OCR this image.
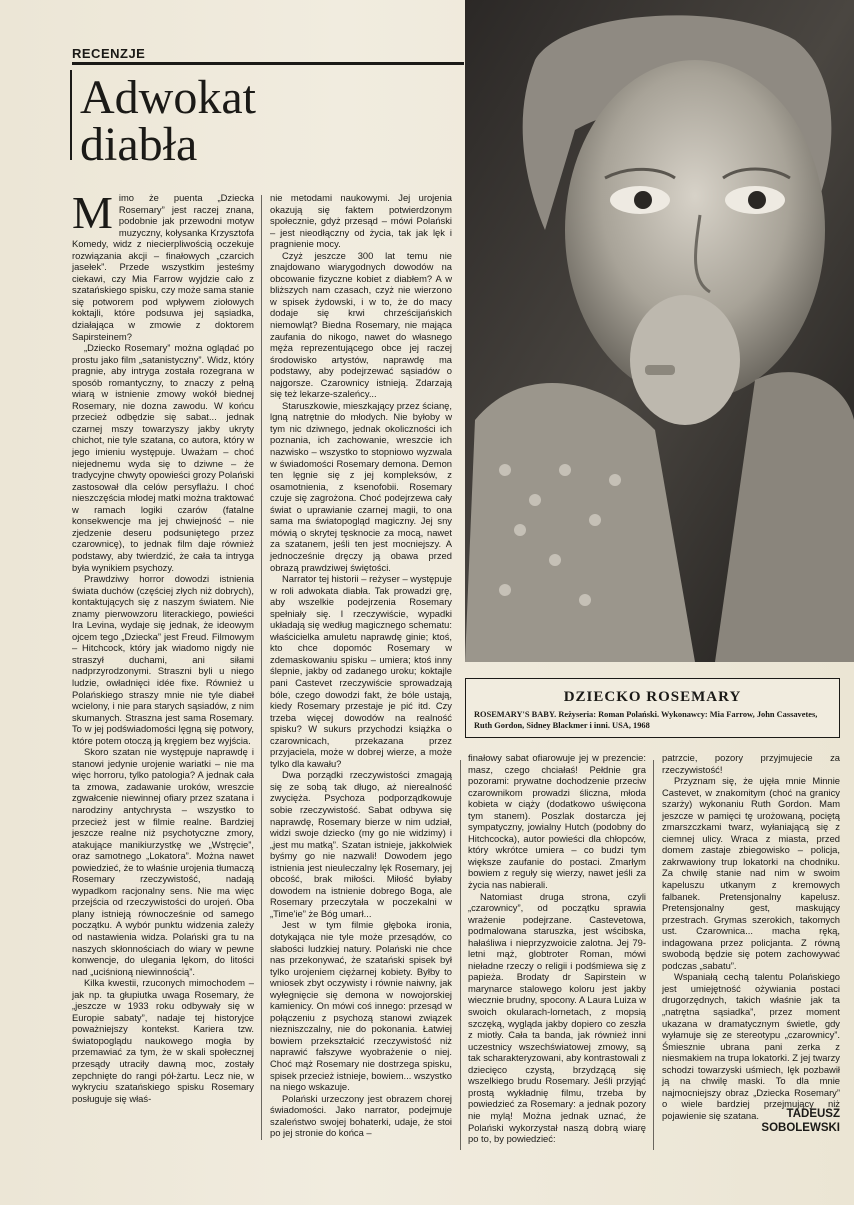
RECENZJE
Adwokat
diabła
DZIECKO ROSEMARY
ROSEMARY'S BABY. Reżyseria: Roman Polański. Wykonawcy: Mia Farrow, John Cassavetes, Ruth Gordon, Sidney Blackmer i inni. USA, 1968
M imo że puenta „Dziecka Rosemary” jest raczej znana, podobnie jak przewodni motyw muzyczny, kołysanka Krzysztofa Komedy, widz z niecierpliwością oczekuje rozwiązania akcji – finałowych „czarcich jasełek”. Przede wszystkim jesteśmy ciekawi, czy Mia Farrow wyjdzie cało z szatańskiego spisku, czy może sama stanie się potworem pod wpływem ziołowych koktajli, które podsuwa jej sąsiadka, działająca w zmowie z doktorem Sapirsteinem?

„Dziecko Rosemary” można oglądać po prostu jako film „satanistyczny”. Widz, który pragnie, aby intryga została rozegrana w sposób romantyczny, to znaczy z pełną wiarą w istnienie zmowy wokół biednej Rosemary, nie dozna zawodu. W końcu przecież odbędzie się sabat... jednak czarnej mszy towarzyszy jakby ukryty chichot, nie tyle szatana, co autora, który w jego imieniu występuje. Uważam – choć niejednemu wyda się to dziwne – że tradycyjne chwyty opowieści grozy Polański zastosował dla celów persyflażu. I choć nieszczęścia młodej matki można traktować w ramach logiki czarów (fatalne konsekwencje ma jej chwiejność – nie zjedzenie deseru podsuniętego przez czarownicę), to jednak film daje również podstawy, aby twierdzić, że cała ta intryga była wynikiem psychozy.

Prawdziwy horror dowodzi istnienia świata duchów (częściej złych niż dobrych), kontaktujących się z naszym światem. Nie znamy pierwowzoru literackiego, powieści Ira Levina, wydaje się jednak, że ideowym ojcem tego „Dziecka” jest Freud. Filmowym – Hitchcock, który jak wiadomo nigdy nie straszył duchami, ani siłami nadprzyrodzonymi. Straszni byli u niego ludzie, owładnięci idée fixe. Również u Polańskiego straszy mnie nie tyle diabeł wcielony, i nie para starych sąsiadów, z nim skumanych. Straszna jest sama Rosemary. To w jej podświadomości lęgną się potwory, które potem otoczą ją kręgiem bez wyjścia.

Skoro szatan nie występuje naprawdę i stanowi jedynie urojenie wariatki – nie ma więc horroru, tylko patologia? A jednak cała ta zmowa, zadawanie uroków, wreszcie zgwałcenie niewinnej ofiary przez szatana i narodziny antychrysta – wszystko to przecież jest w filmie realne. Bardziej jeszcze realne niż psychotyczne zmory, atakujące manikiurzystkę we „Wstręcie”, oraz samotnego „Lokatora”. Można nawet powiedzieć, że to właśnie urojenia tłumaczą Rosemary rzeczywistość, nadają wypadkom racjonalny sens. Nie ma więc przejścia od rzeczywistości do urojeń. Oba plany istnieją równocześnie od samego początku. A wybór punktu widzenia zależy od nastawienia widza. Polański gra tu na naszych skłonnościach do wiary w pewne konwencje, do ulegania lękom, do litości nad „uciśnioną niewinnością”.

Kilka kwestii, rzuconych mimochodem – jak np. ta głupiutka uwaga Rosemary, że „jeszcze w 1933 roku odbywały się w Europie sabaty”, nadaje tej historyjce poważniejszy kontekst. Kariera tzw. światopoglądu naukowego mogła by przemawiać za tym, że w skali społecznej przesądy utraciły dawną moc, zostały zepchnięte do rangi pół-żartu. Lecz nie, w wykryciu szatańskiego spisku Rosemary posługuje się właś-

nie metodami naukowymi. Jej urojenia okazują się faktem potwierdzonym społecznie, gdyż przesąd – mówi Polański – jest nieodłączny od życia, tak jak lęk i pragnienie mocy.

Czyż jeszcze 300 lat temu nie znajdowano wiarygodnych dowodów na obcowanie fizyczne kobiet z diabłem? A w bliższych nam czasach, czyż nie wierzono w spisek żydowski, i w to, że do macy dodaje się krwi chrześcijańskich niemowląt? Biedna Rosemary, nie mająca zaufania do nikogo, nawet do własnego męża reprezentującego obce jej raczej środowisko artystów, naprawdę ma podstawy, aby podejrzewać sąsiadów o najgorsze. Czarownicy istnieją. Zdarzają się też lekarze-szaleńcy...

Staruszkowie, mieszkający przez ścianę, lgną natrętnie do młodych. Nie byłoby w tym nic dziwnego, jednak okoliczności ich poznania, ich zachowanie, wreszcie ich nazwisko – wszystko to stopniowo wyzwala w świadomości Rosemary demona. Demon ten lęgnie się z jej kompleksów, z osamotnienia, z ksenofobii. Rosemary czuje się zagrożona. Choć podejrzewa cały świat o uprawianie czarnej magii, to ona sama ma światopogląd magiczny. Jej sny mówią o skrytej tęsknocie za mocą, nawet za szatanem, jeśli ten jest mocniejszy. A jednocześnie dręczy ją obawa przed obrazą prawdziwej świętości.

Narrator tej historii – reżyser – występuje w roli adwokata diabła. Tak prowadzi grę, aby wszelkie podejrzenia Rosemary spełniały się. I rzeczywiście, wypadki układają się według magicznego schematu: właścicielka amuletu naprawdę ginie; ktoś, kto chce dopomóc Rosemary w zdemaskowaniu spisku – umiera; ktoś inny ślepnie, jakby od zadanego uroku; koktajle pani Castevet rzeczywiście sprowadzają bóle, czego dowodzi fakt, że bóle ustają, kiedy Rosemary przestaje je pić itd. Czy trzeba więcej dowodów na realność spisku? W sukurs przychodzi książka o czarownicach, przekazana przez przyjaciela, może w dobrej wierze, a może tylko dla kawału?

Dwa porządki rzeczywistości zmagają się ze sobą tak długo, aż nierealność zwycięża. Psychoza podporządkowuje sobie rzeczywistość. Sabat odbywa się naprawdę, Rosemary bierze w nim udział, widzi swoje dziecko (my go nie widzimy) i „jest mu matką”. Szatan istnieje, jakkolwiek byśmy go nie nazwali! Dowodem jego istnienia jest nieuleczalny lęk Rosemary, jej obcość, brak miłości. Miłość byłaby dowodem na istnienie dobrego Boga, ale Rosemary przeczytała w poczekalni w „Time'ie” że Bóg umarł...

Jest w tym filmie głęboka ironia, dotykająca nie tyle może przesądów, co słabości ludzkiej natury. Polański nie chce nas przekonywać, że szatański spisek był tylko urojeniem ciężarnej kobiety. Byłby to wniosek zbyt oczywisty i równie naiwny, jak wyłegnięcie się demona w nowojorskiej kamienicy. On mówi coś innego: przesąd w połączeniu z psychozą stanowi związek niezniszczalny, nie do pokonania. Łatwiej bowiem przekształcić rzeczywistość niż naprawić fałszywe wyobrażenie o niej. Choć mąż Rosemary nie dostrzega spisku, spisek przecież istnieje, bowiem... wszystko na niego wskazuje.

Polański urzeczony jest obrazem chorej świadomości. Jako narrator, podejmuje szaleństwo swojej bohaterki, udaje, że stoi po jej stronie do końca –

finałowy sabat ofiarowuje jej w prezencie: masz, czego chciałaś! Pełdnie gra pozorami: prywatne dochodzenie przeciw czarownikom prowadzi śliczna, młoda kobieta w ciąży (dodatkowo uświęcona tym stanem). Poszlak dostarcza jej sympatyczny, jowialny Hutch (podobny do Hitchcocka), autor powieści dla chłopców, który wkrótce umiera – co budzi tym większe zaufanie do postaci. Zmarłym bowiem z reguły się wierzy, nawet jeśli za życia nas nabierali.

Natomiast druga strona, czyli „czarownicy”, od początku sprawia wrażenie podejrzane. Castevetowa, podmalowana staruszka, jest wścibska, hałaśliwa i nieprzyzwoicie zalotna. Jej 79-letni mąż, globtroter Roman, mówi nieładne rzeczy o religii i podśmiewa się z papieża. Brodaty dr Sapirstein w marynarce stalowego koloru jest jakby wiecznie brudny, spocony. A Laura Luiza w swoich okularach-lornetach, z mopsią szczęką, wygląda jakby dopiero co zeszła z miotły. Cała ta banda, jak również inni uczestnicy wszechświatowej zmowy, są tak scharakteryzowani, aby kontrastowali z dziecięco czystą, brzydzącą się wszelkiego brudu Rosemary. Jeśli przyjąć prostą wykładnię filmu, trzeba by powiedzieć za Rosemary: a jednak pozory nie mylą! Można jednak uznać, że Polański wykorzystał naszą dobrą wiarę po to, by powiedzieć:

patrzcie, pozory przyjmujecie za rzeczywistość!

Przyznam się, że ujęła mnie Minnie Castevet, w znakomitym (choć na granicy szarży) wykonaniu Ruth Gordon. Mam jeszcze w pamięci tę urożowaną, pociętą zmarszczkami twarz, wyłaniającą się z ciemnej ulicy. Wraca z miasta, przed domem zastaje zbiegowisko – policja, zakrwawiony trup lokatorki na chodniku. Za chwilę stanie nad nim w swoim kapeluszu utkanym z kremowych falbanek. Pretensjonalny kapelusz. Pretensjonalny gest, maskujący przestrach. Grymas szerokich, takomych ust. Czarownica... macha ręką, indagowana przez policjanta. Z równą swobodą będzie się potem zachowywać podczas „sabatu”.

Wspaniałą cechą talentu Polańskiego jest umiejętność ożywiania postaci drugorzędnych, takich właśnie jak ta „natrętna sąsiadka”, przez moment ukazana w dramatycznym świetle, gdy wyłamuje się ze stereotypu „czarownicy”. Śmiesznie ubrana pani zerka z niesmakiem na trupa lokatorki. Z jej twarzy schodzi towarzyski uśmiech, lęk pozbawił ją na chwilę maski. To dla mnie najmocniejszy obraz „Dziecka Rosemary” o wiele bardziej przejmujący niż pojawienie się szatana.	TADEUSZ
SOBOLEWSKI
